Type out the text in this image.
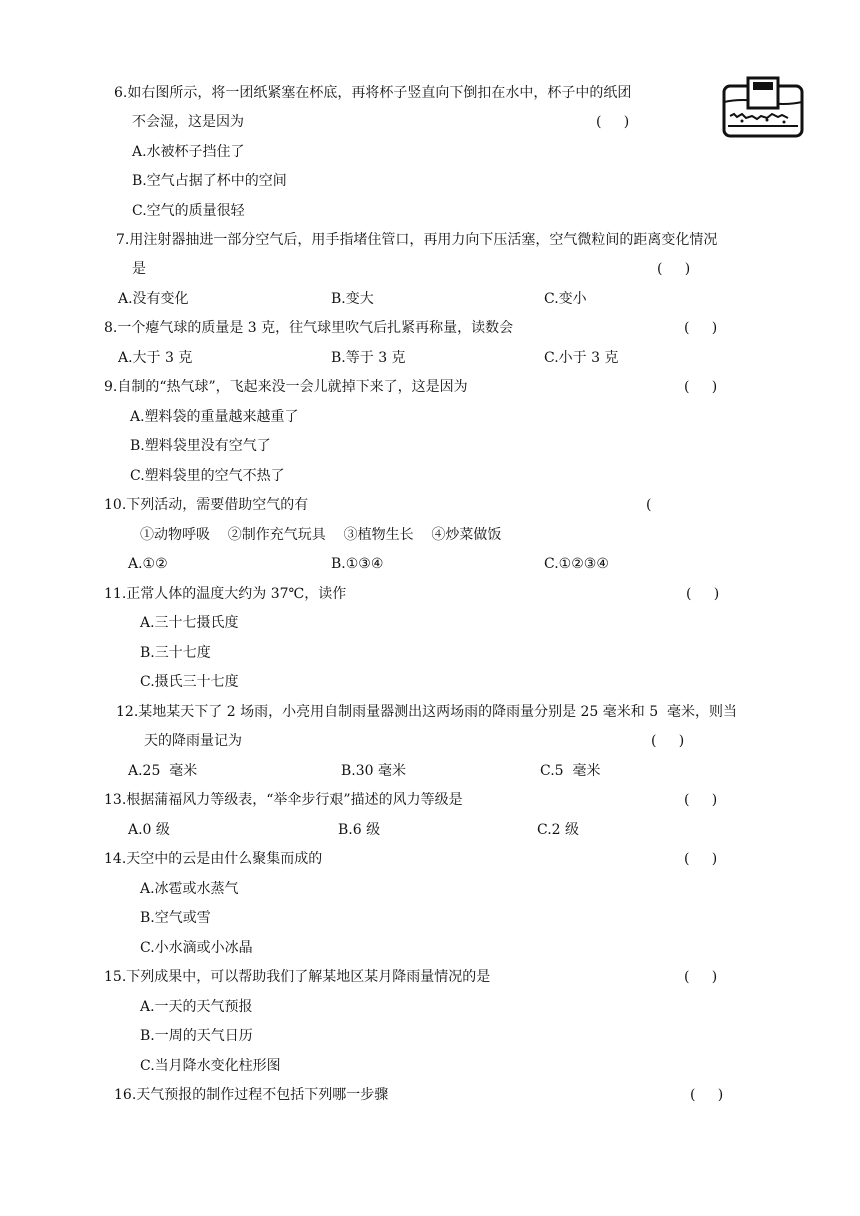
6.如右图所示，将一团纸紧塞在杯底，再将杯子竖直向下倒扣在水中，杯子中的纸团
不会湿，这是因为	(     )
A.水被杯子挡住了
B.空气占据了杯中的空间
C.空气的质量很轻
7.用注射器抽进一部分空气后，用手指堵住管口，再用力向下压活塞，空气微粒间的距离变化情况
是	(     )
A.没有变化	B.变大	C.变小
8.一个瘪气球的质量是 3 克，往气球里吹气后扎紧再称量，读数会	(     )
A.大于 3 克	B.等于 3 克	C.小于 3 克
9.自制的“热气球”，飞起来没一会儿就掉下来了，这是因为	(     )
A.塑料袋的重量越来越重了
B.塑料袋里没有空气了
C.塑料袋里的空气不热了
10.下列活动，需要借助空气的有	(
①动物呼吸    ②制作充气玩具    ③植物生长    ④炒菜做饭
A.①②	B.①③④	C.①②③④
11.正常人体的温度大约为 37℃，读作	(     )
A.三十七摄氏度
B.三十七度
C.摄氏三十七度
12.某地某天下了 2 场雨，小亮用自制雨量器测出这两场雨的降雨量分别是 25 毫米和 5  毫米，则当
天的降雨量记为	(     )
A.25  毫米	B.30 毫米	C.5  毫米
13.根据蒲福风力等级表，“举伞步行艰”描述的风力等级是	(     )
A.0 级	B.6 级	C.2 级
14.天空中的云是由什么聚集而成的	(     )
A.冰雹或水蒸气
B.空气或雪
C.小水滴或小冰晶
15.下列成果中，可以帮助我们了解某地区某月降雨量情况的是	(     )
A.一天的天气预报
B.一周的天气日历
C.当月降水变化柱形图
16.天气预报的制作过程不包括下列哪一步骤	(     )
